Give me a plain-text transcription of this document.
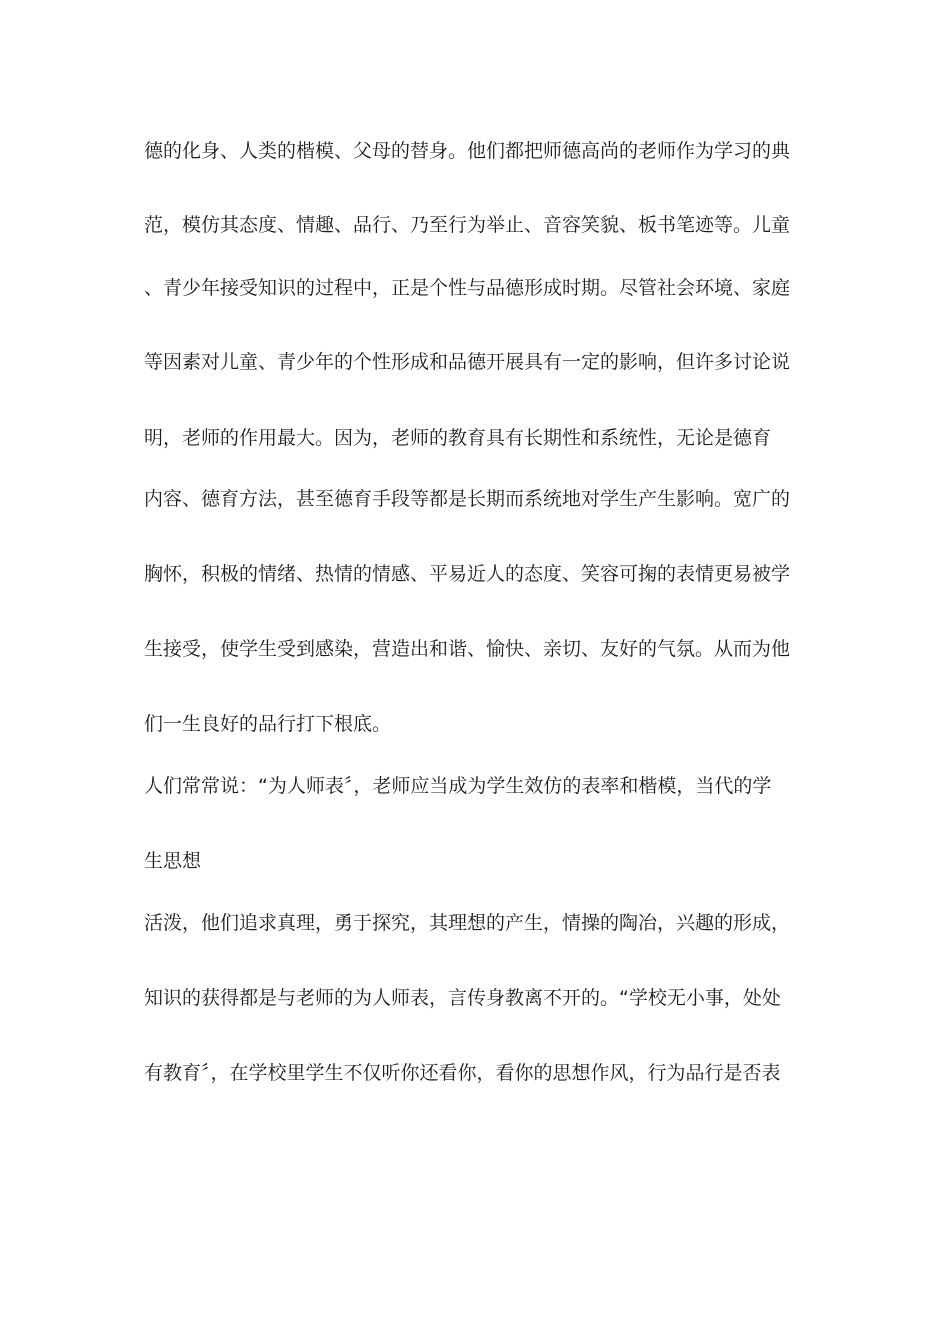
德的化身、人类的楷模、父母的替身。他们都把师德高尚的老师作为学习的典
范，模仿其态度、情趣、品行、乃至行为举止、音容笑貌、板书笔迹等。儿童
、青少年接受知识的过程中，正是个性与品德形成时期。尽管社会环境、家庭
等因素对儿童、青少年的个性形成和品德开展具有一定的影响，但许多讨论说
明，老师的作用最大。因为，老师的教育具有长期性和系统性，无论是德育
内容、德育方法，甚至德育手段等都是长期而系统地对学生产生影响。宽广的
胸怀，积极的情绪、热情的情感、平易近人的态度、笑容可掬的表情更易被学
生接受，使学生受到感染，营造出和谐、愉快、亲切、友好的气氛。从而为他
们一生良好的品行打下根底。
人们常常说：“为人师表〞，老师应当成为学生效仿的表率和楷模，当代的学
生思想
活泼，他们追求真理，勇于探究，其理想的产生，情操的陶冶，兴趣的形成，
知识的获得都是与老师的为人师表，言传身教离不开的。“学校无小事，处处
有教育〞，在学校里学生不仅听你还看你，看你的思想作风，行为品行是否表
